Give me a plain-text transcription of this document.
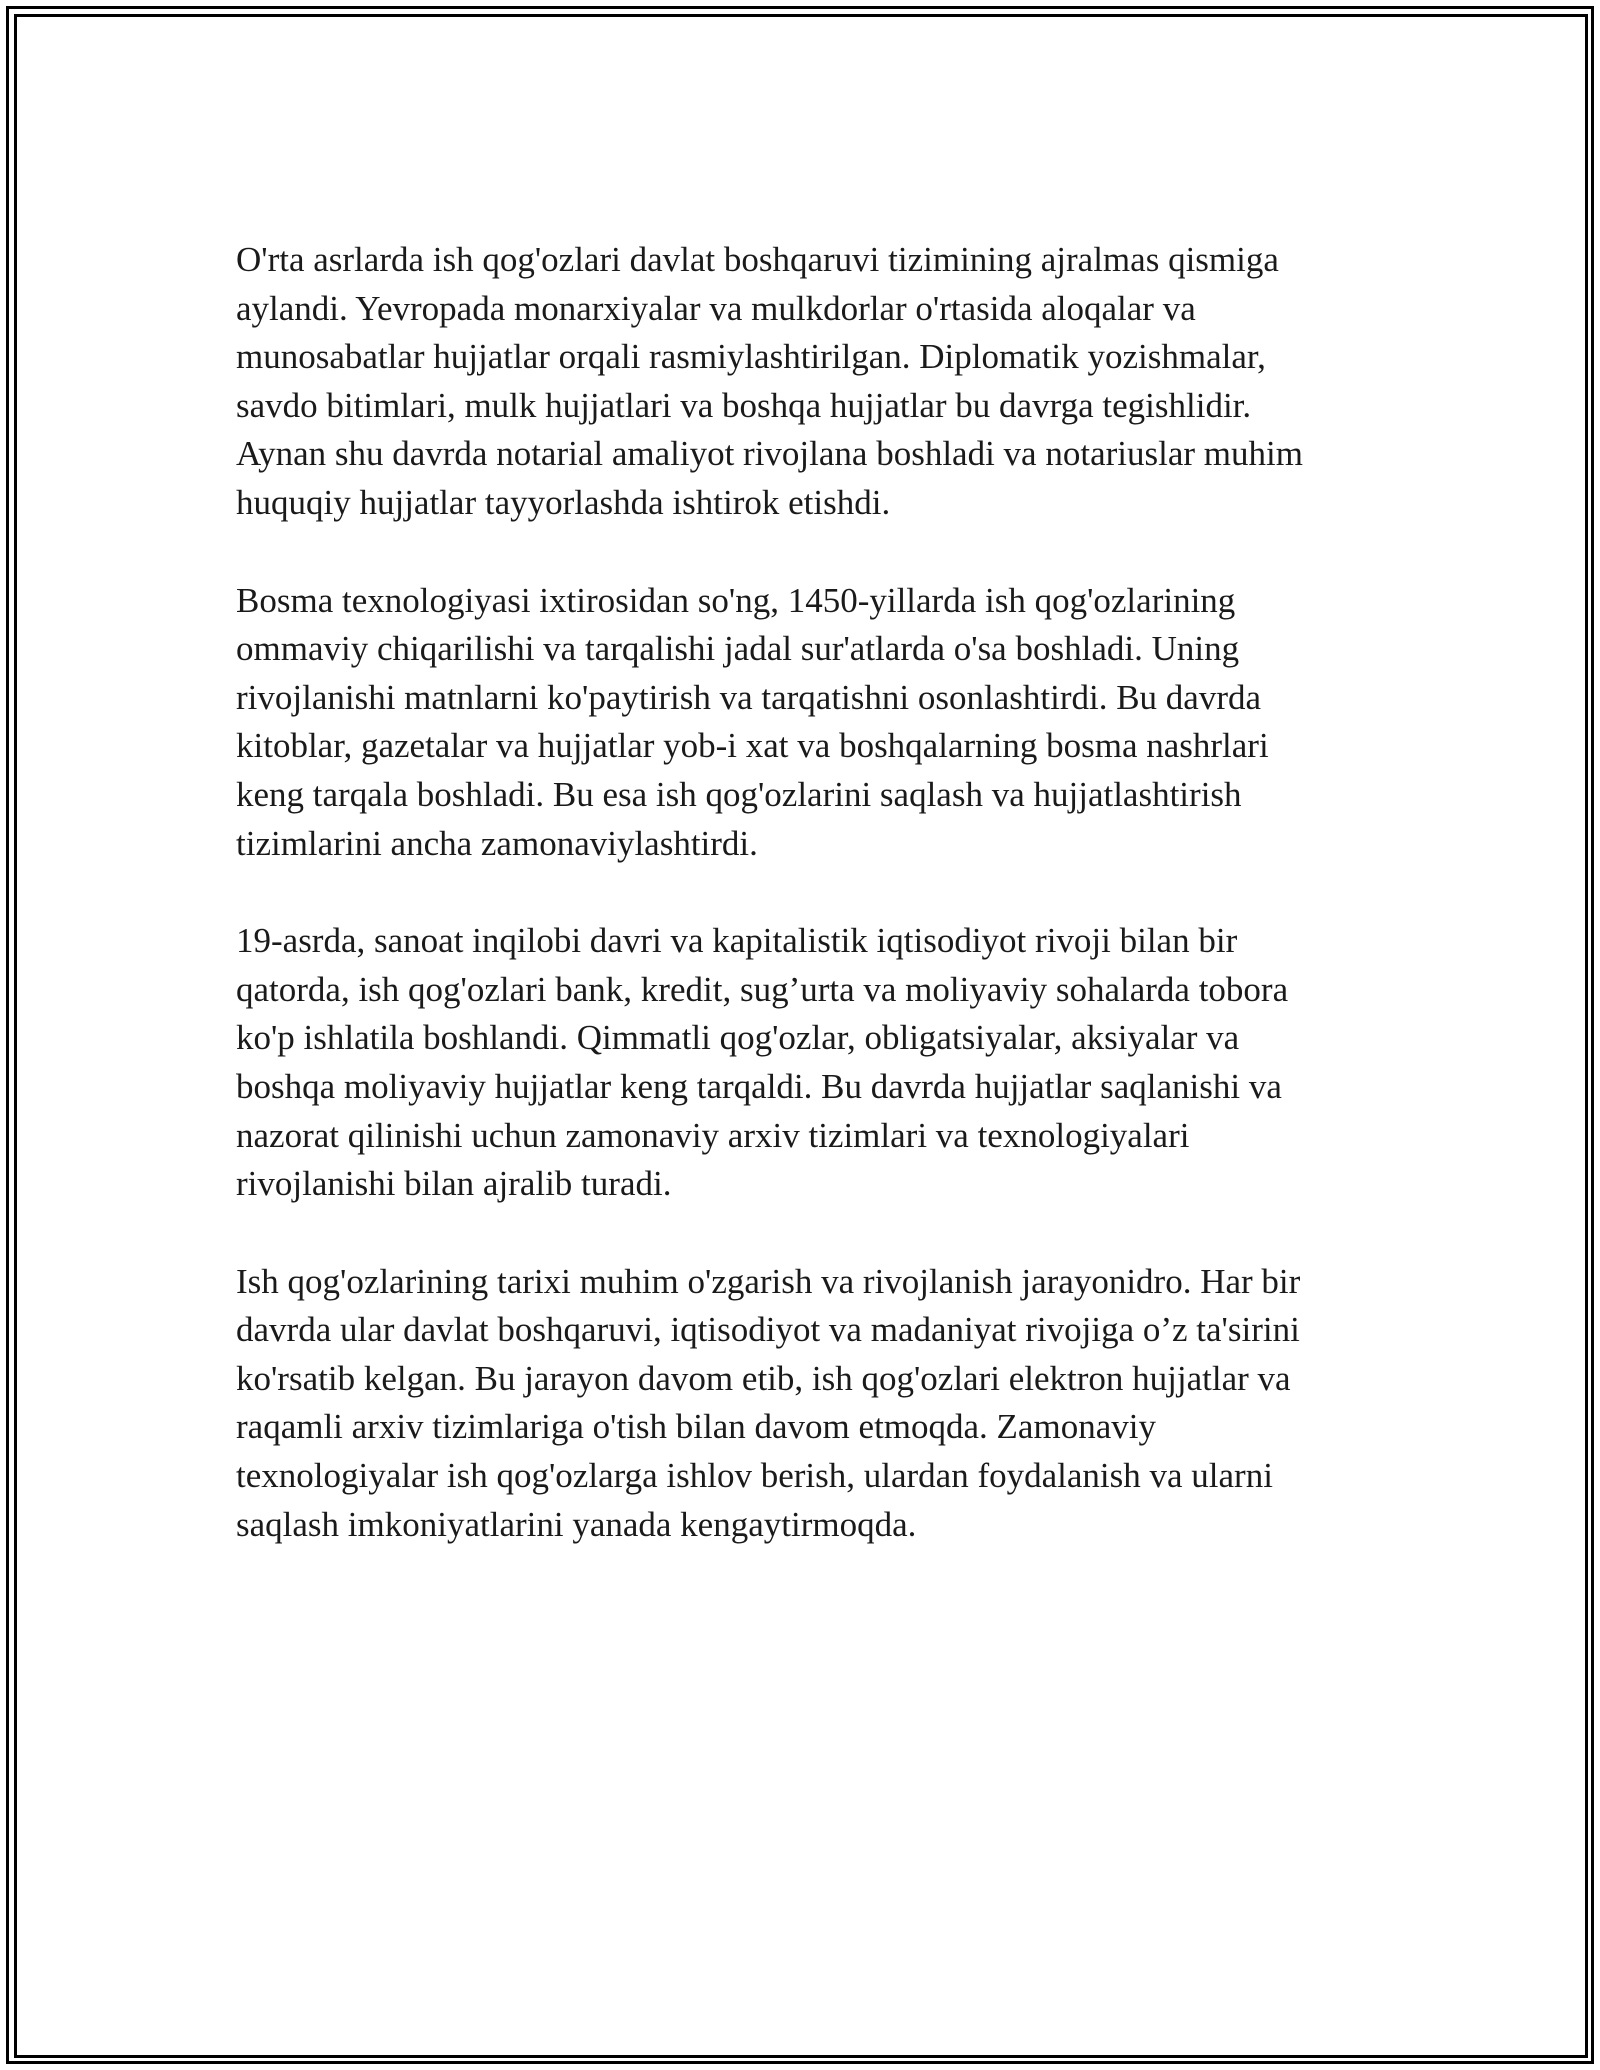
O'rta asrlarda ish qog'ozlari davlat boshqaruvi tizimining ajralmas qismiga
aylandi. Yevropada monarxiyalar va mulkdorlar o'rtasida aloqalar va
munosabatlar hujjatlar orqali rasmiylashtirilgan. Diplomatik yozishmalar,
savdo bitimlari, mulk hujjatlari va boshqa hujjatlar bu davrga tegishlidir.
Aynan shu davrda notarial amaliyot rivojlana boshladi va notariuslar muhim
huquqiy hujjatlar tayyorlashda ishtirok etishdi.

Bosma texnologiyasi ixtirosidan so'ng, 1450-yillarda ish qog'ozlarining
ommaviy chiqarilishi va tarqalishi jadal sur'atlarda o'sa boshladi. Uning
rivojlanishi matnlarni ko'paytirish va tarqatishni osonlashtirdi. Bu davrda
kitoblar, gazetalar va hujjatlar yob-i xat va boshqalarning bosma nashrlari
keng tarqala boshladi. Bu esa ish qog'ozlarini saqlash va hujjatlashtirish
tizimlarini ancha zamonaviylashtirdi.

19-asrda, sanoat inqilobi davri va kapitalistik iqtisodiyot rivoji bilan bir
qatorda, ish qog'ozlari bank, kredit, sug’urta va moliyaviy sohalarda tobora
ko'p ishlatila boshlandi. Qimmatli qog'ozlar, obligatsiyalar, aksiyalar va
boshqa moliyaviy hujjatlar keng tarqaldi. Bu davrda hujjatlar saqlanishi va
nazorat qilinishi uchun zamonaviy arxiv tizimlari va texnologiyalari
rivojlanishi bilan ajralib turadi.

Ish qog'ozlarining tarixi muhim o'zgarish va rivojlanish jarayonidro. Har bir
davrda ular davlat boshqaruvi, iqtisodiyot va madaniyat rivojiga o’z ta'sirini
ko'rsatib kelgan. Bu jarayon davom etib, ish qog'ozlari elektron hujjatlar va
raqamli arxiv tizimlariga o'tish bilan davom etmoqda. Zamonaviy
texnologiyalar ish qog'ozlarga ishlov berish, ulardan foydalanish va ularni
saqlash imkoniyatlarini yanada kengaytirmoqda.
